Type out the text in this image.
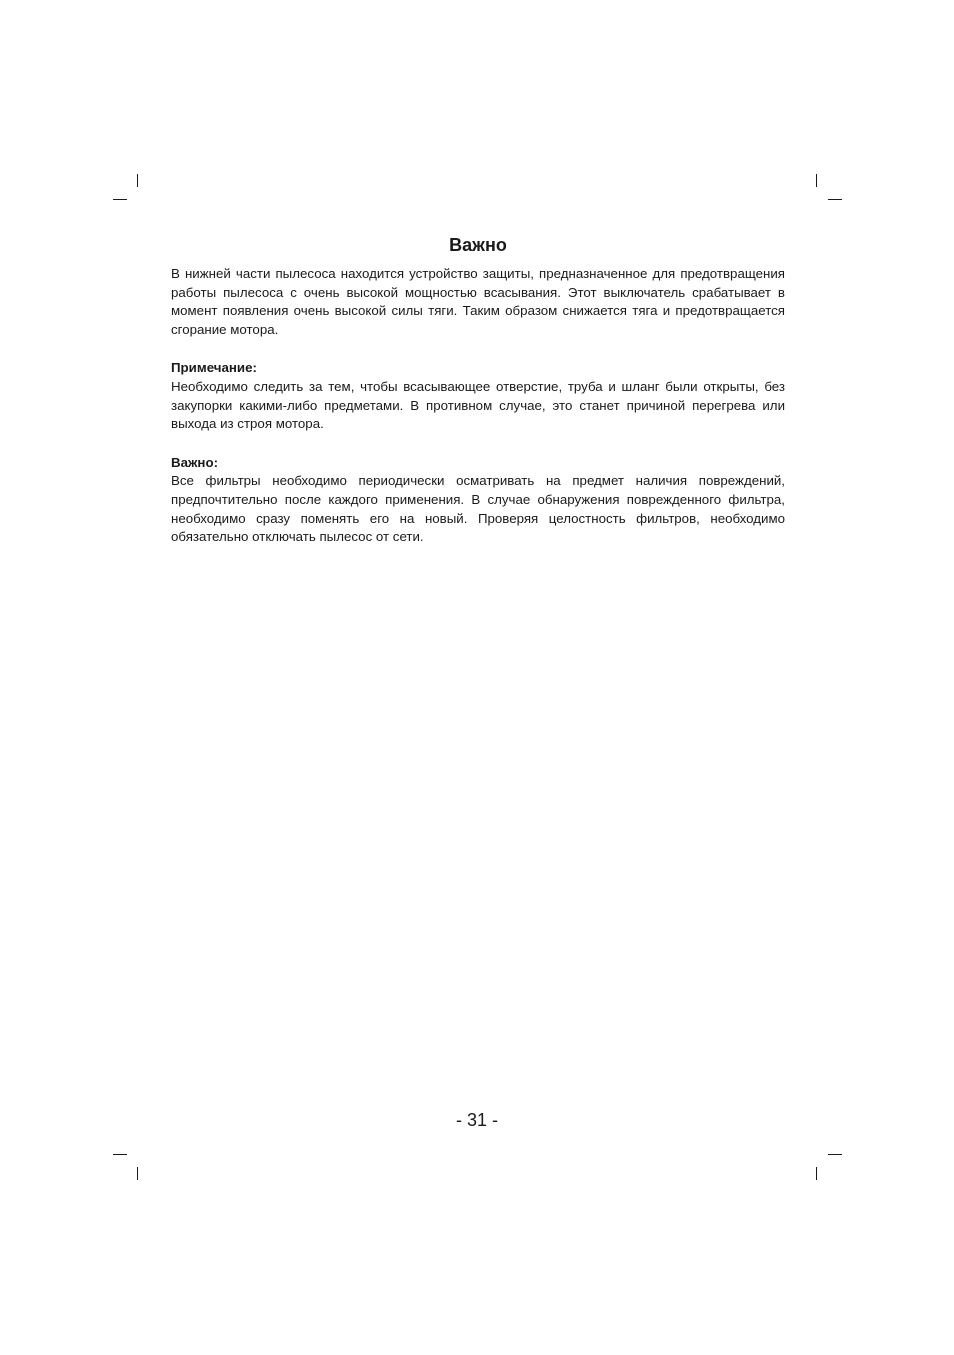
Важно

В нижней части пылесоса находится устройство защиты, предназначенное для предотвращения работы пылесоса с очень высокой мощностью всасывания. Этот выключатель срабатывает в момент появления очень высокой силы тяги. Таким образом снижается тяга и предотвращается сгорание мотора.

Примечание:

Необходимо следить за тем, чтобы всасывающее отверстие, труба и шланг были открыты, без закупорки какими-либо предметами. В противном случае, это станет причиной перегрева или выхода из строя мотора.

Важно:

Все фильтры необходимо периодически осматривать на предмет наличия повреждений, предпочтительно после каждого применения. В случае обнаружения поврежденного фильтра, необходимо сразу поменять его на новый. Проверяя целостность фильтров, необходимо обязательно отключать пылесос от сети.

- 31 -
